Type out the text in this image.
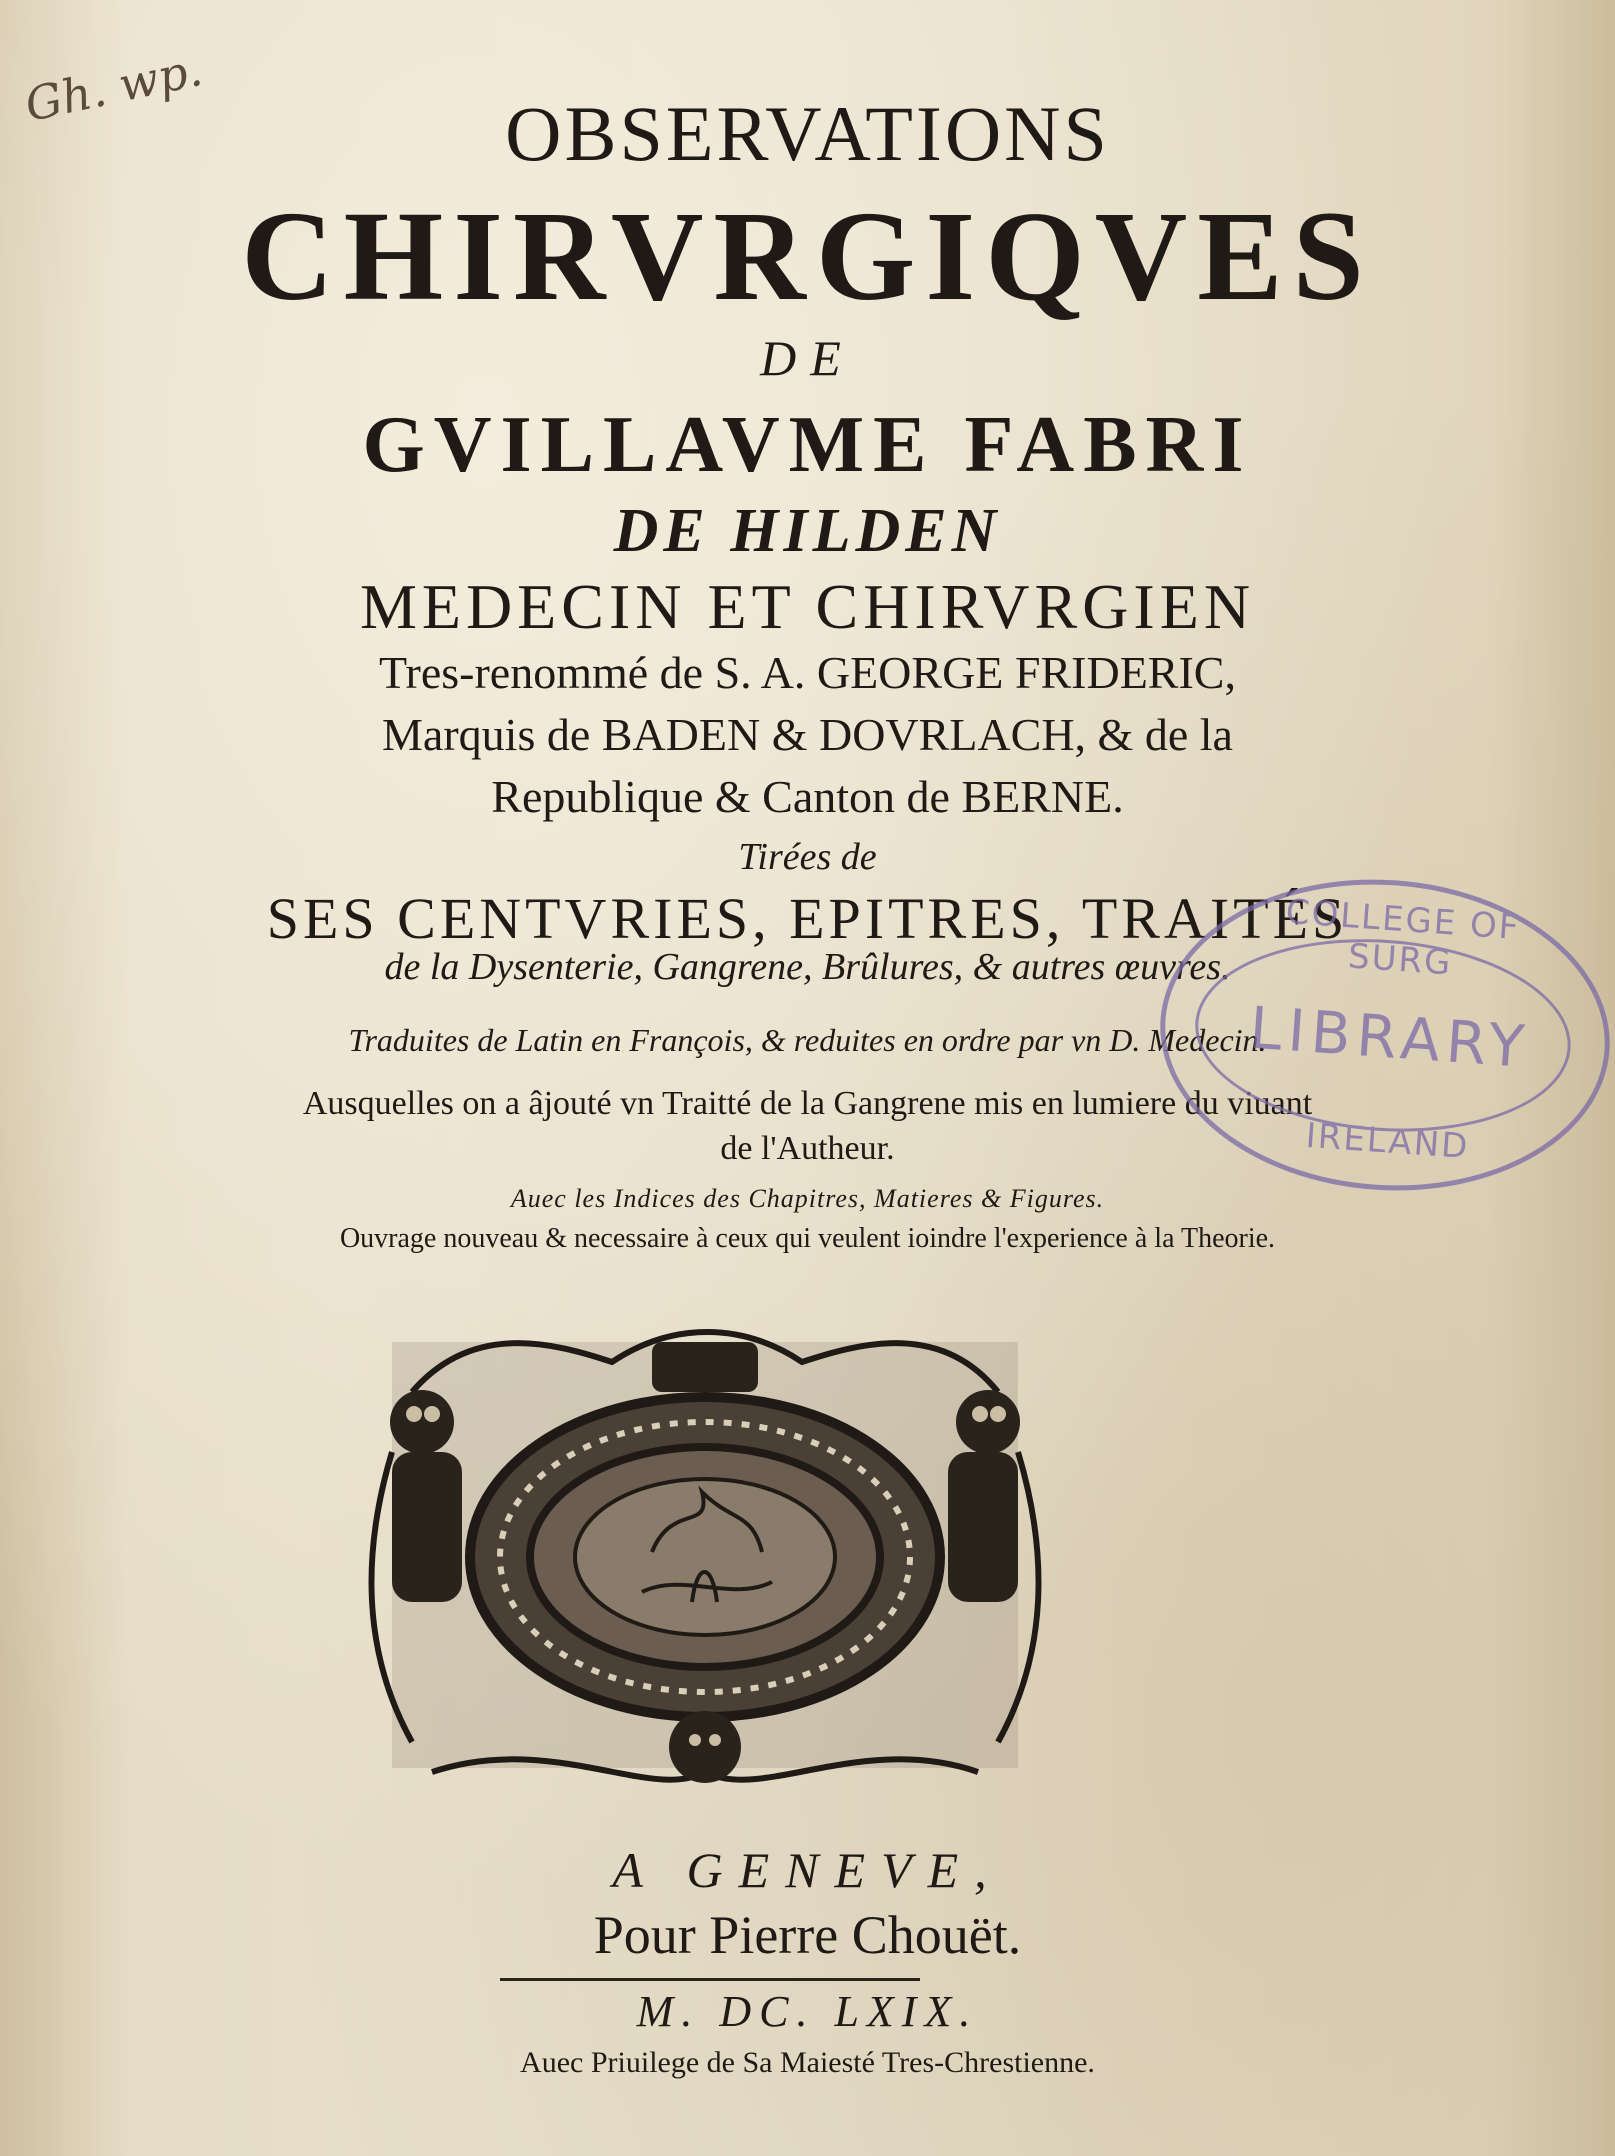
Gh. wp.

OBSERVATIONS

CHIRVRGIQVES

DE

GVILLAVME FABRI

DE HILDEN

MEDECIN ET CHIRVRGIEN

Tres-renommé de S. A. GEORGE FRIDERIC,

Marquis de BADEN & DOVRLACH, & de la

Republique & Canton de BERNE.

Tirées de

SES CENTVRIES, EPITRES, TRAITÉS

de la Dysenterie, Gangrene, Brûlures, & autres œuvres.

Traduites de Latin en François, & reduites en ordre par vn D. Medecin.

Ausquelles on a âjouté vn Traitté de la Gangrene mis en lumiere du viuant

de l'Autheur.

Auec les Indices des Chapitres, Matieres & Figures.

Ouvrage nouveau & necessaire à ceux qui veulent ioindre l'experience à la Theorie.

A GENEVE,

Pour Pierre Chouët.

M. DC. LXIX.

Auec Priuilege de Sa Maiesté Tres-Chrestienne.

COLLEGE OF SURG
LIBRARY
IRELAND
